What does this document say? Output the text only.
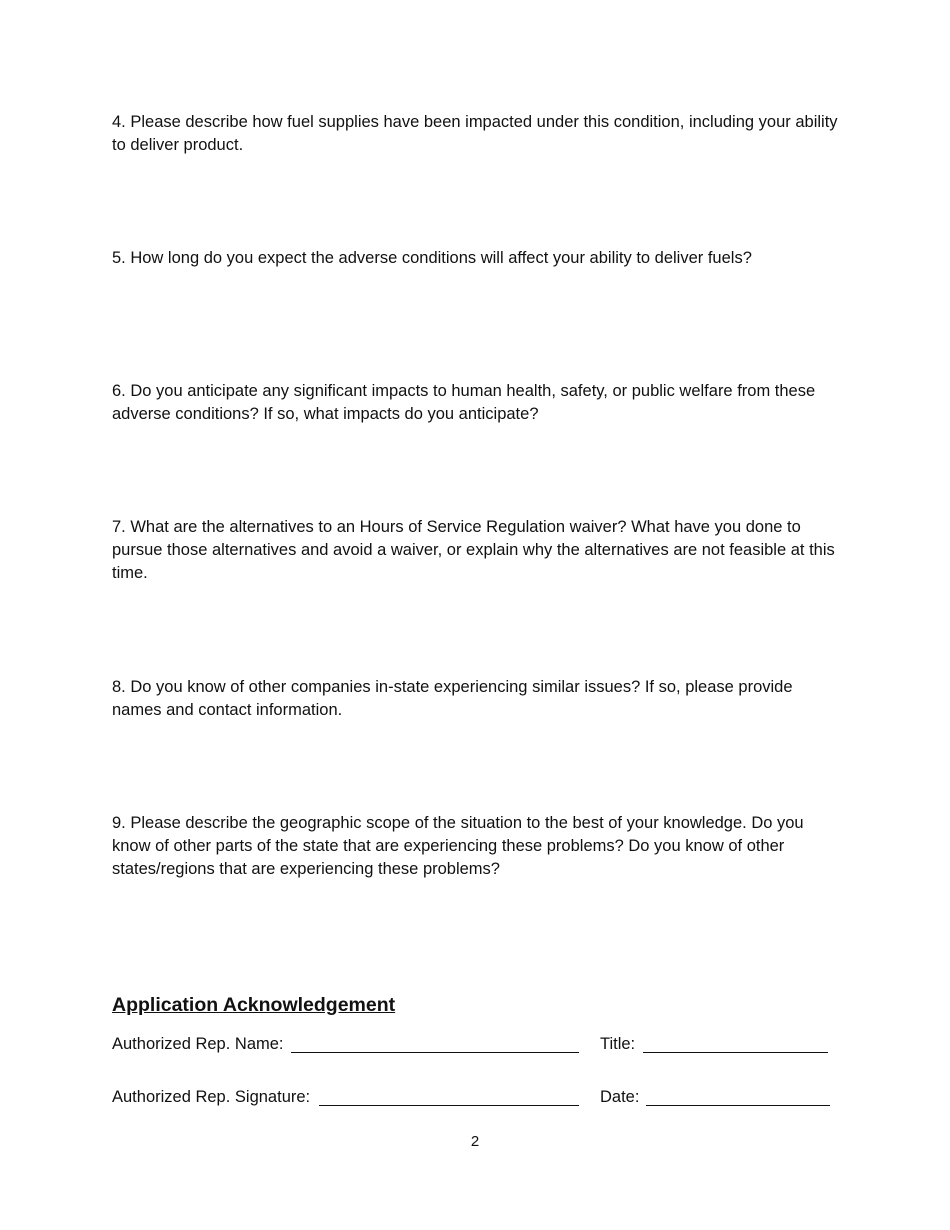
4. Please describe how fuel supplies have been impacted under this condition, including your ability to deliver product.

5. How long do you expect the adverse conditions will affect your ability to deliver fuels?

6. Do you anticipate any significant impacts to human health, safety, or public welfare from these adverse conditions? If so, what impacts do you anticipate?

7. What are the alternatives to an Hours of Service Regulation waiver? What have you done to pursue those alternatives and avoid a waiver, or explain why the alternatives are not feasible at this time.

8. Do you know of other companies in-state experiencing similar issues? If so, please provide names and contact information.

9. Please describe the geographic scope of the situation to the best of your knowledge. Do you know of other parts of the state that are experiencing these problems? Do you know of other states/regions that are experiencing these problems?

Application Acknowledgement
Authorized Rep. Name:	Title:
Authorized Rep. Signature:	Date:
2
